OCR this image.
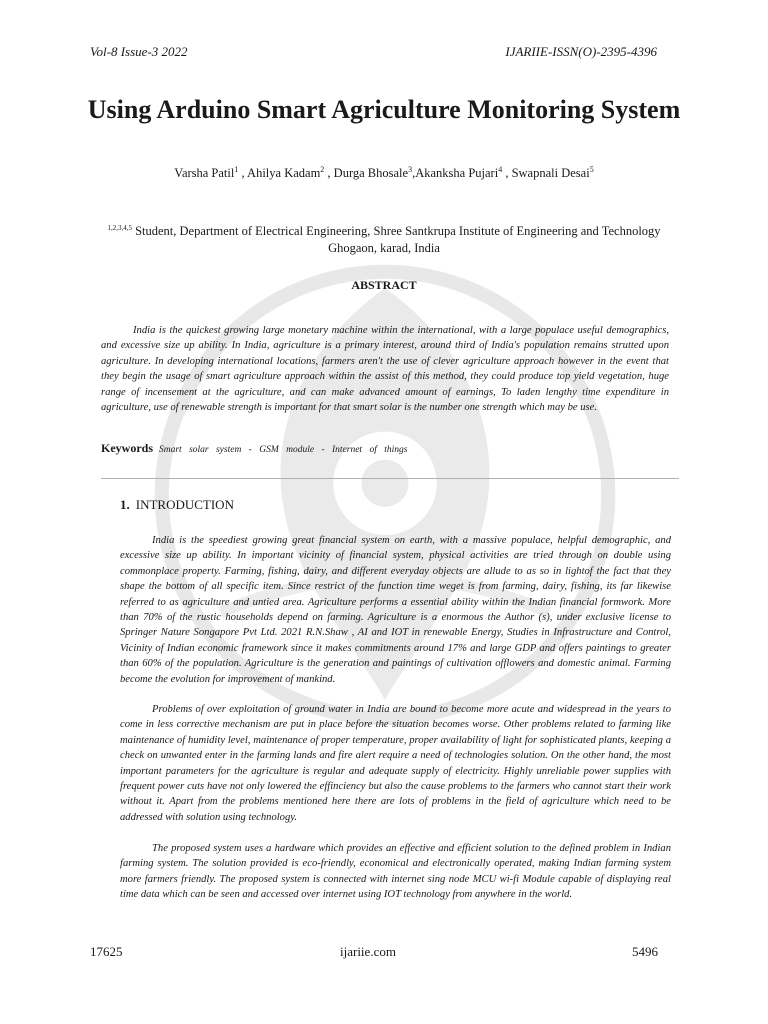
Vol-8 Issue-3 2022	IJARIIE-ISSN(O)-2395-4396
Using Arduino Smart Agriculture Monitoring System
Varsha Patil$^1$ , Ahilya Kadam$^2$ , Durga Bhosale$^3$,Akanksha Pujari$^4$ , Swapnali Desai$^5$
$^{1,2,3,4,5}$ Student, Department of Electrical Engineering, Shree Santkrupa Institute of Engineering and Technology Ghogaon, karad, India
ABSTRACT
India is the quickest growing large monetary machine within the international, with a large populace useful demographics, and excessive size up ability. In India, agriculture is a primary interest, around third of India's population remains strutted upon agriculture. In developing international locations, farmers aren't the use of clever agriculture approach however in the event that they begin the usage of smart agriculture approach within the assist of this method, they could produce top yield vegetation, huge range of incensement at the agriculture, and can make advanced amount of earnings, To laden lengthy time expenditure in agriculture, use of renewable strength is important for that smart solar is the number one strength which may be use.
Keywords Smart solar system - GSM module - Internet of things
1. INTRODUCTION
India is the speediest growing great financial system on earth, with a massive populace, helpful demographic, and excessive size up ability. In important vicinity of financial system, physical activities are tried through on double using commonplace property. Farming, fishing, dairy, and different everyday objects are allude to as so in lightof the fact that they shape the bottom of all specific item. Since restrict of the function time weget is from farming, dairy, fishing, its far likewise referred to as agriculture and untied area. Agriculture performs a essential ability within the Indian financial formwork. More than 70% of the rustic households depend on farming. Agriculture is a enormous the Author (s), under exclusive license to Springer Nature Songapore Pvt Ltd. 2021 R.N.Shaw , AI and IOT in renewable Energy, Studies in Infrastructure and Control, Vicinity of Indian economic framework since it makes commitments around 17% and large GDP and offers paintings to greater than 60% of the population. Agriculture is the generation and paintings of cultivation offlowers and domestic animal. Farming become the evolution for improvement of mankind.
Problems of over exploitation of ground water in India are bound to become more acute and widespread in the years to come in less corrective mechanism are put in place before the situation becomes worse. Other problems related to farming like maintenance of humidity level, maintenance of proper temperature, proper availability of light for sophisticated plants, keeping a check on unwanted enter in the farming lands and fire alert require a need of technologies solution. On the other hand, the most important parameters for the agriculture is regular and adequate supply of electricity. Highly unreliable power supplies with frequent power cuts have not only lowered the effinciency but also the cause problems to the farmers who cannot start their work without it. Apart from the problems mentioned here there are lots of problems in the field of agriculture which need to be addressed with solution using technology.
The proposed system uses a hardware which provides an effective and efficient solution to the defined problem in Indian farming system. The solution provided is eco-friendly, economical and electronically operated, making Indian farming system more farmers friendly. The proposed system is connected with internet sing node MCU wi-fi Module capable of displaying real time data which can be seen and accessed over internet using IOT technology from anywhere in the world.
17625	ijariie.com	5496
